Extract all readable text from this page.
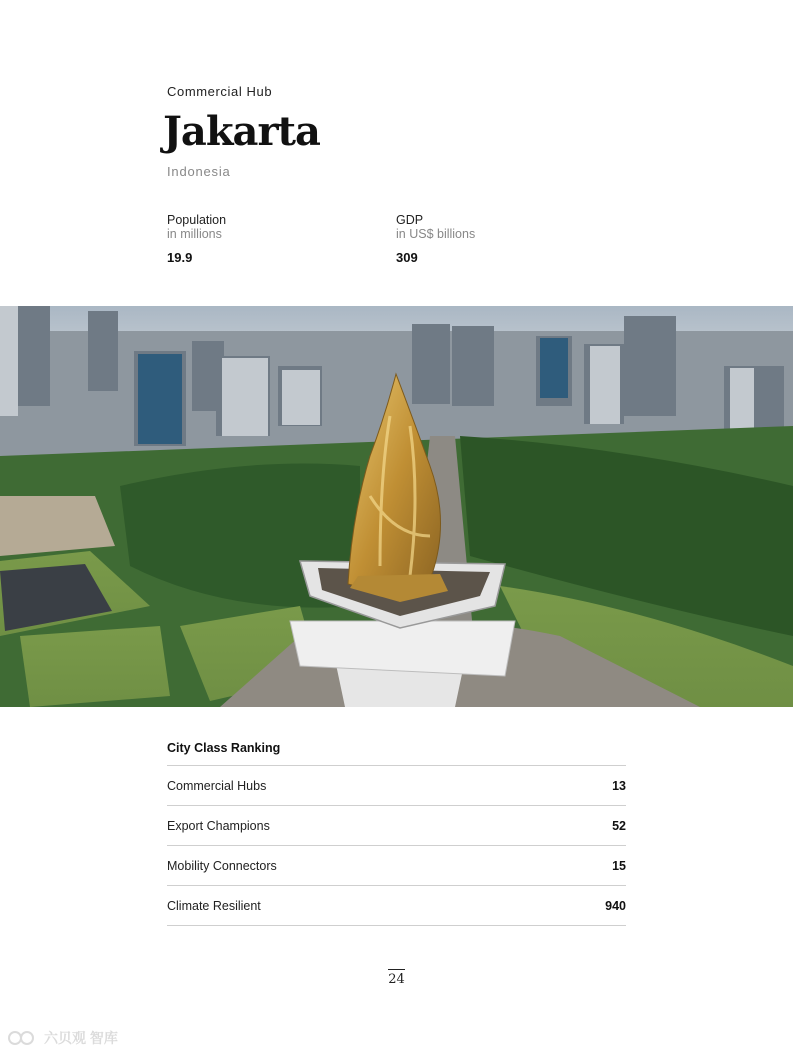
Commercial Hub
Jakarta
Indonesia
Population
in millions
19.9
GDP
in US$ billions
309
City Class Ranking
Commercial Hubs	13
Export Champions	52
Mobility Connectors	15
Climate Resilient	940
24
六贝观 智库
